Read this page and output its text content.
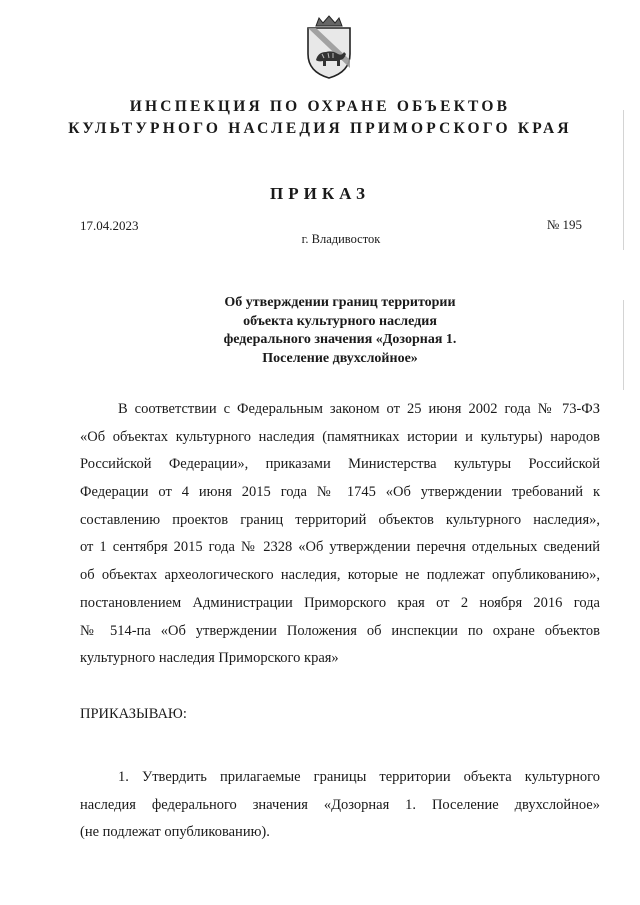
ИНСПЕКЦИЯ ПО ОХРАНЕ ОБЪЕКТОВ
КУЛЬТУРНОГО НАСЛЕДИЯ ПРИМОРСКОГО КРАЯ
ПРИКАЗ
17.04.2023	№ 195
г. Владивосток
Об утверждении границ территории
объекта культурного наследия
федерального значения «Дозорная 1.
Поселение двухслойное»
В соответствии с Федеральным законом от 25 июня 2002 года № 73-ФЗ
«Об объектах культурного наследия (памятниках истории и культуры) народов
Российской Федерации», приказами Министерства культуры Российской
Федерации от 4 июня 2015 года № 1745 «Об утверждении требований к
составлению проектов границ территорий объектов культурного наследия»,
от 1 сентября 2015 года № 2328 «Об утверждении перечня отдельных сведений
об объектах археологического наследия, которые не подлежат опубликованию»,
постановлением Администрации Приморского края от 2 ноября 2016 года
№ 514-па «Об утверждении Положения об инспекции по охране объектов
культурного наследия Приморского края»
ПРИКАЗЫВАЮ:
1. Утвердить прилагаемые границы территории объекта культурного
наследия федерального значения «Дозорная 1. Поселение двухслойное»
(не подлежат опубликованию).
